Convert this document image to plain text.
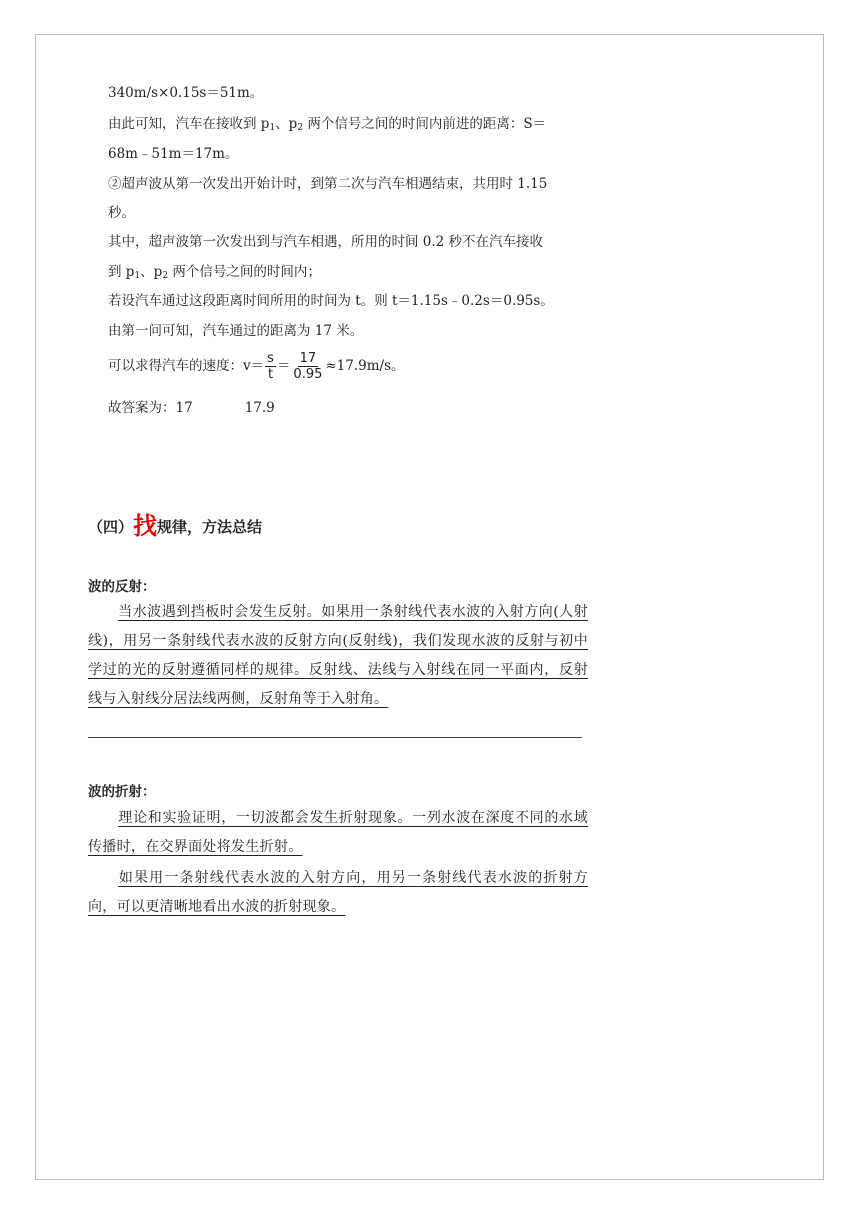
340m/s×0.15s＝51m。
由此可知，汽车在接收到 $p_1$、$p_2$ 两个信号之间的时间内前进的距离：S＝
68m﹣51m＝17m。
②超声波从第一次发出开始计时，到第二次与汽车相遇结束，共用时 1.15
秒。
其中，超声波第一次发出到与汽车相遇，所用的时间 0.2 秒不在汽车接收
到 $p_1$、$p_2$ 两个信号之间的时间内；
若设汽车通过这段距离时间所用的时间为 t。则 t＝1.15s﹣0.2s＝0.95s。
由第一问可知，汽车通过的距离为 17 米。
可以求得汽车的速度：$v= \frac{s}{t} = \frac{17}{0.95} \approx 17.9m/s$。
故答案为：17	17.9
（四）找规律，方法总结
波的反射：
当水波遇到挡板时会发生反射。如果用一条射线代表水波的入射方向(人射线)，用另一条射线代表水波的反射方向(反射线)，我们发现水波的反射与初中学过的光的反射遵循同样的规律。反射线、法线与入射线在同一平面内，反射线与入射线分居法线两侧，反射角等于入射角。
波的折射：
理论和实验证明，一切波都会发生折射现象。一列水波在深度不同的水域传播时，在交界面处将发生折射。
如果用一条射线代表水波的入射方向，用另一条射线代表水波的折射方向，可以更清晰地看出水波的折射现象。
